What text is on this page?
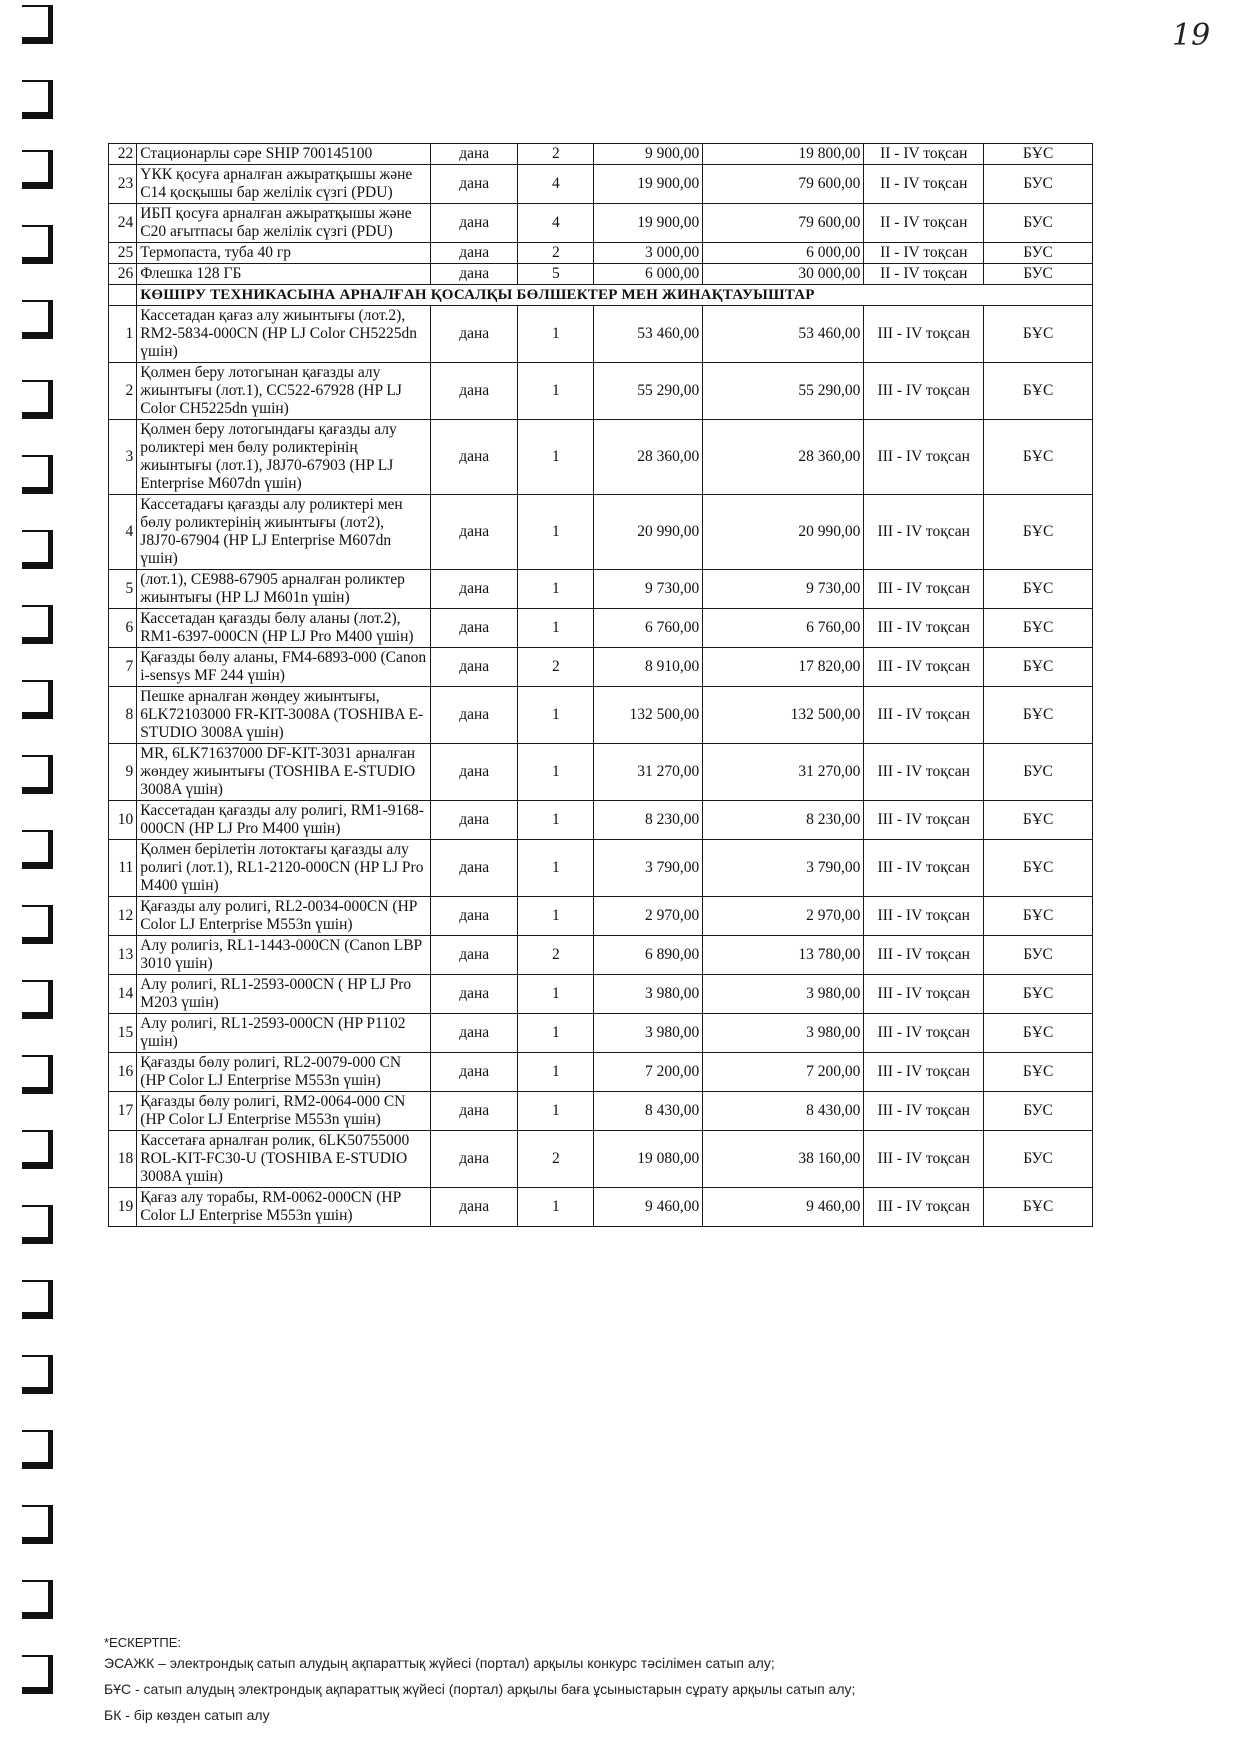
19
22	Стационарлы сәре SHIP 700145100	дана	2	9 900,00	19 800,00	II - IV тоқсан	БҰС
23	ҮКК қосуға арналған ажыратқышы және С14 қосқышы бар желілік сүзгі (PDU)	дана	4	19 900,00	79 600,00	II - IV тоқсан	БУС
24	ИБП қосуға арналған ажыратқышы және С20 ағытпасы бар желілік сүзгі (PDU)	дана	4	19 900,00	79 600,00	II - IV тоқсан	БУС
25	Термопаста, туба 40 гр	дана	2	3 000,00	6 000,00	II - IV тоқсан	БУС
26	Флешка 128 ГБ	дана	5	6 000,00	30 000,00	II - IV тоқсан	БУС
	КӨШІРУ ТЕХНИКАСЫНА АРНАЛҒАН ҚОСАЛҚЫ БӨЛШЕКТЕР МЕН ЖИНАҚТАУЫШТАР						
1	Кассетадан қағаз алу жиынтығы (лот.2), RM2-5834-000CN (HP LJ Color CH5225dn үшін)	дана	1	53 460,00	53 460,00	III - IV тоқсан	БҰС
2	Қолмен беру лотогынан қағазды алу жиынтығы (лот.1), CC522-67928 (HP LJ Color CH5225dn үшін)	дана	1	55 290,00	55 290,00	III - IV тоқсан	БҰС
3	Қолмен беру лотогындағы қағазды алу роликтері мен бөлу роликтерінің жиынтығы (лот.1), J8J70-67903 (HP LJ Enterprise M607dn үшін)	дана	1	28 360,00	28 360,00	III - IV тоқсан	БҰС
4	Кассетадағы қағазды алу роликтері мен бөлу роликтерінің жиынтығы (лот2), J8J70-67904 (HP LJ Enterprise M607dn үшін)	дана	1	20 990,00	20 990,00	III - IV тоқсан	БҰС
5	(лот.1), CE988-67905 арналған роликтер жиынтығы (HP LJ M601n үшін)	дана	1	9 730,00	9 730,00	III - IV тоқсан	БҰС
6	Кассетадан қағазды бөлу аланы (лот.2), RM1-6397-000CN (HP LJ Pro M400 үшін)	дана	1	6 760,00	6 760,00	III - IV тоқсан	БҰС
7	Қағазды бөлу аланы, FM4-6893-000 (Canon i-sensys MF 244 үшін)	дана	2	8 910,00	17 820,00	III - IV тоқсан	БҰС
8	Пешке арналған жөндеу жиынтығы, 6LK72103000 FR-KIT-3008A (TOSHIBA E-STUDIO 3008A үшін)	дана	1	132 500,00	132 500,00	III - IV тоқсан	БҰС
9	MR, 6LK71637000 DF-KIT-3031 арналған жөндеу жиынтығы (TOSHIBA E-STUDIO 3008A үшін)	дана	1	31 270,00	31 270,00	III - IV тоқсан	БУС
10	Кассетадан қағазды алу ролигі, RM1-9168-000CN (HP LJ Pro M400 үшін)	дана	1	8 230,00	8 230,00	III - IV тоқсан	БҰС
11	Қолмен берілетін лотоктағы қағазды алу ролигі (лот.1), RL1-2120-000CN (HP LJ Pro M400 үшін)	дана	1	3 790,00	3 790,00	III - IV тоқсан	БҰС
12	Қағазды алу ролигі, RL2-0034-000CN (HP Color LJ Enterprise M553n үшін)	дана	1	2 970,00	2 970,00	III - IV тоқсан	БҰС
13	Алу ролигіз, RL1-1443-000CN (Canon LBP 3010 үшін)	дана	2	6 890,00	13 780,00	III - IV тоқсан	БУС
14	Алу ролигі, RL1-2593-000CN ( HP LJ Pro M203 үшін)	дана	1	3 980,00	3 980,00	III - IV тоқсан	БҰС
15	Алу ролигі, RL1-2593-000CN (HP P1102 үшін)	дана	1	3 980,00	3 980,00	III - IV тоқсан	БҰС
16	Қағазды бөлу ролигі, RL2-0079-000 CN (HP Color LJ Enterprise M553n үшін)	дана	1	7 200,00	7 200,00	III - IV тоқсан	БҰС
17	Қағазды бөлу ролигі, RM2-0064-000 CN (HP Color LJ Enterprise M553n үшін)	дана	1	8 430,00	8 430,00	III - IV тоқсан	БУС
18	Кассетаға арналған ролик, 6LK50755000 ROL-KIT-FC30-U (TOSHIBA E-STUDIO 3008A үшін)	дана	2	19 080,00	38 160,00	III - IV тоқсан	БУС
19	Қағаз алу торабы, RM-0062-000CN (HP Color LJ Enterprise M553n үшін)	дана	1	9 460,00	9 460,00	III - IV тоқсан	БҰС
*ЕСКЕРТПЕ:
ЭСАЖК – электрондық сатып алудың ақпараттық жүйесі (портал) арқылы конкурс тәсілімен сатып алу;
БҰС - сатып алудың электрондық ақпараттық жүйесі (портал) арқылы баға ұсыныстарын сұрату арқылы сатып алу;
БК - бір көзден сатып алу
